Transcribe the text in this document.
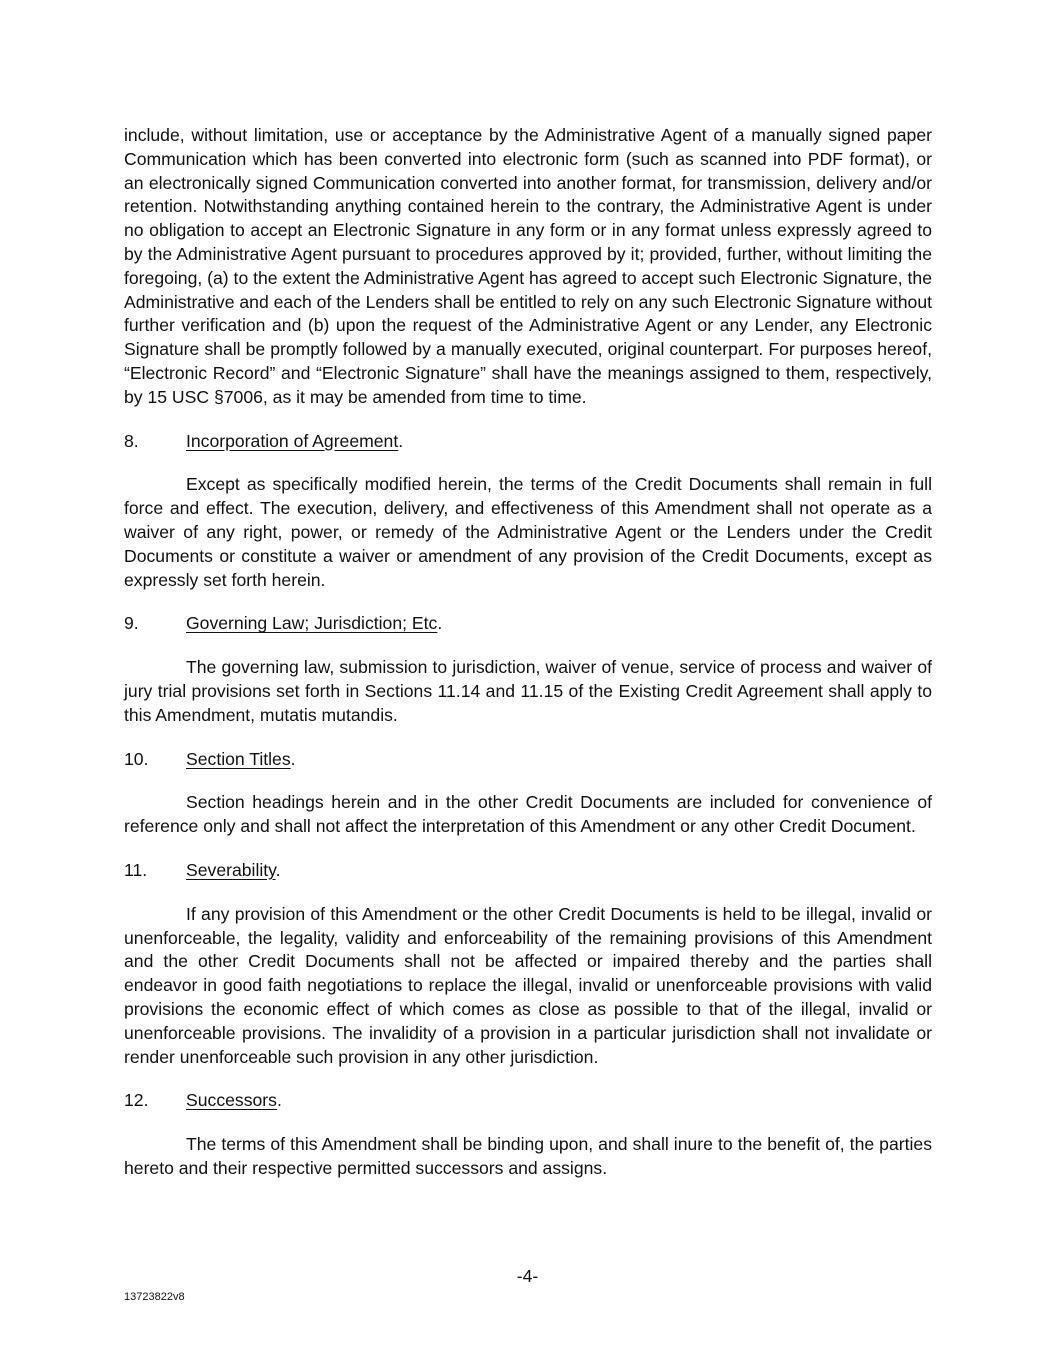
include, without limitation, use or acceptance by the Administrative Agent of a manually signed paper Communication which has been converted into electronic form (such as scanned into PDF format), or an electronically signed Communication converted into another format, for transmission, delivery and/or retention. Notwithstanding anything contained herein to the contrary, the Administrative Agent is under no obligation to accept an Electronic Signature in any form or in any format unless expressly agreed to by the Administrative Agent pursuant to procedures approved by it; provided, further, without limiting the foregoing, (a) to the extent the Administrative Agent has agreed to accept such Electronic Signature, the Administrative and each of the Lenders shall be entitled to rely on any such Electronic Signature without further verification and (b) upon the request of the Administrative Agent or any Lender, any Electronic Signature shall be promptly followed by a manually executed, original counterpart. For purposes hereof, “Electronic Record” and “Electronic Signature” shall have the meanings assigned to them, respectively, by 15 USC §7006, as it may be amended from time to time.

8.	Incorporation of Agreement.

Except as specifically modified herein, the terms of the Credit Documents shall remain in full force and effect. The execution, delivery, and effectiveness of this Amendment shall not operate as a waiver of any right, power, or remedy of the Administrative Agent or the Lenders under the Credit Documents or constitute a waiver or amendment of any provision of the Credit Documents, except as expressly set forth herein.

9.	Governing Law; Jurisdiction; Etc.

The governing law, submission to jurisdiction, waiver of venue, service of process and waiver of jury trial provisions set forth in Sections 11.14 and 11.15 of the Existing Credit Agreement shall apply to this Amendment, mutatis mutandis.

10.	Section Titles.

Section headings herein and in the other Credit Documents are included for convenience of reference only and shall not affect the interpretation of this Amendment or any other Credit Document.

11.	Severability.

If any provision of this Amendment or the other Credit Documents is held to be illegal, invalid or unenforceable, the legality, validity and enforceability of the remaining provisions of this Amendment and the other Credit Documents shall not be affected or impaired thereby and the parties shall endeavor in good faith negotiations to replace the illegal, invalid or unenforceable provisions with valid provisions the economic effect of which comes as close as possible to that of the illegal, invalid or unenforceable provisions. The invalidity of a provision in a particular jurisdiction shall not invalidate or render unenforceable such provision in any other jurisdiction.

12.	Successors.

The terms of this Amendment shall be binding upon, and shall inure to the benefit of, the parties hereto and their respective permitted successors and assigns.

-4-
13723822v8
